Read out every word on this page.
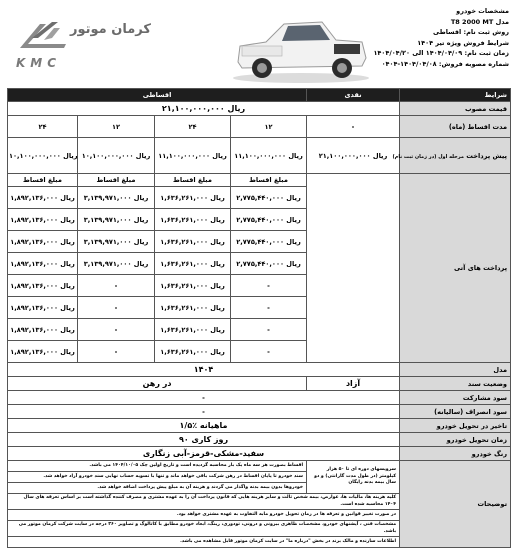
کرمان موتور
KMC
مشخصات خودرو
مدل T8 2000 MT
روش ثبت نام: اقساطی
شرایط فروش ویژه تیر ۱۴۰۴
زمان ثبت نام: ۱۴۰۴/۰۴/۰۹ الی ۱۴۰۴/۰۴/۲۰
شماره مصوبه فروش: ۱۴۰۴/۰۴/۰۸-۰۴۰۴
اقساطی				نقدی	شرایط
۲۱,۱۰۰,۰۰۰,۰۰۰ ریال					قیمت مصوب
۲۴	۱۲	۲۴	۱۲	-	مدت اقساط (ماه)
۱۰,۱۰۰,۰۰۰,۰۰۰ ریال	۱۰,۱۰۰,۰۰۰,۰۰۰ ریال	۱۱,۱۰۰,۰۰۰,۰۰۰ ریال	۱۱,۱۰۰,۰۰۰,۰۰۰ ریال	۲۱,۱۰۰,۰۰۰,۰۰۰ ریال	پیش پرداخت مرحله اول (در زمان ثبت نام)
مبلغ اقساط	مبلغ اقساط	مبلغ اقساط	مبلغ اقساط		پرداخت های آتی
۱,۸۹۲,۱۳۶,۰۰۰ ریال	۳,۱۳۹,۹۷۱,۰۰۰ ریال	۱,۶۳۶,۲۶۱,۰۰۰ ریال	۲,۷۷۵,۴۴۰,۰۰۰ ریال		
۱,۸۹۲,۱۳۶,۰۰۰ ریال	۳,۱۳۹,۹۷۱,۰۰۰ ریال	۱,۶۳۶,۲۶۱,۰۰۰ ریال	۲,۷۷۵,۴۴۰,۰۰۰ ریال		
۱,۸۹۲,۱۳۶,۰۰۰ ریال	۳,۱۳۹,۹۷۱,۰۰۰ ریال	۱,۶۳۶,۲۶۱,۰۰۰ ریال	۲,۷۷۵,۴۴۰,۰۰۰ ریال		
۱,۸۹۲,۱۳۶,۰۰۰ ریال	۳,۱۳۹,۹۷۱,۰۰۰ ریال	۱,۶۳۶,۲۶۱,۰۰۰ ریال	۲,۷۷۵,۴۴۰,۰۰۰ ریال		
۱,۸۹۲,۱۳۶,۰۰۰ ریال	-	۱,۶۳۶,۲۶۱,۰۰۰ ریال	-		
۱,۸۹۲,۱۳۶,۰۰۰ ریال	-	۱,۶۳۶,۲۶۱,۰۰۰ ریال	-		
۱,۸۹۲,۱۳۶,۰۰۰ ریال	-	۱,۶۳۶,۲۶۱,۰۰۰ ریال	-		
۱,۸۹۲,۱۳۶,۰۰۰ ریال	-	۱,۶۳۶,۲۶۱,۰۰۰ ریال	-		
۱۴۰۴					مدل
در رهن				آزاد	وضعیت سند
-					سود مشارکت
-					سود انصراف (ساليانه)
۱/۵٪ ماهیانه					تاخیر در تحویل خودرو
۹۰ روز کاری					زمان تحویل خودرو
سفید-مشکی-قرمز-آبی زنگاری					رنگ خودرو
اقساط بصورت هر سه ماه یک بار محاسبه گردیده است و تاریخ اولین چک ۱۴۰۴/۱۰/۰۵ می باشد.				سرویسهای دوره ای تا ۵۰ هزار کیلومتر (در طول مدت گارانتی) و دو سال بیمه بدنه رایگان	توضیحات
سند خودرو تا پایان اقساط در رهن شرکت باقی خواهد ماند و تنها با تسویه حساب نهایی سند خودرو آزاد خواهد شد.					
خودروها بدون بیمه بدنه واگذار می گردند و هزینه آن به مبلغ پیش پرداخت اضافه خواهد شد.					
کلیه هزینه ها، مالیات ها، عوارض، بیمه شخص ثالث و سایر هزینه هایی که قانون پرداخت آن را به عهده مشتری و مصرف کننده گذاشته است بر اساس تعرفه های سال ۱۴۰۴ محاسبه شده است.					
در صورت تغییر قوانین و تعرفه ها در زمان تحویل خودرو مابه التفاوت به عهده مشتری خواهد بود.					
مشخصات فنی ، آپشنهای خودرو، مشخصات ظاهری بیرونی و درونی، تودوزی، رینگ، ابعاد خودرو مطابق با کاتالوگ و تصاویر ۳۶۰ درجه در سایت شرکت کرمان موتور می باشد.					
اطلاعات سازنده و مالک برند در بخش "درباره ما" در سایت کرمان موتور قابل مشاهده می باشد.					
